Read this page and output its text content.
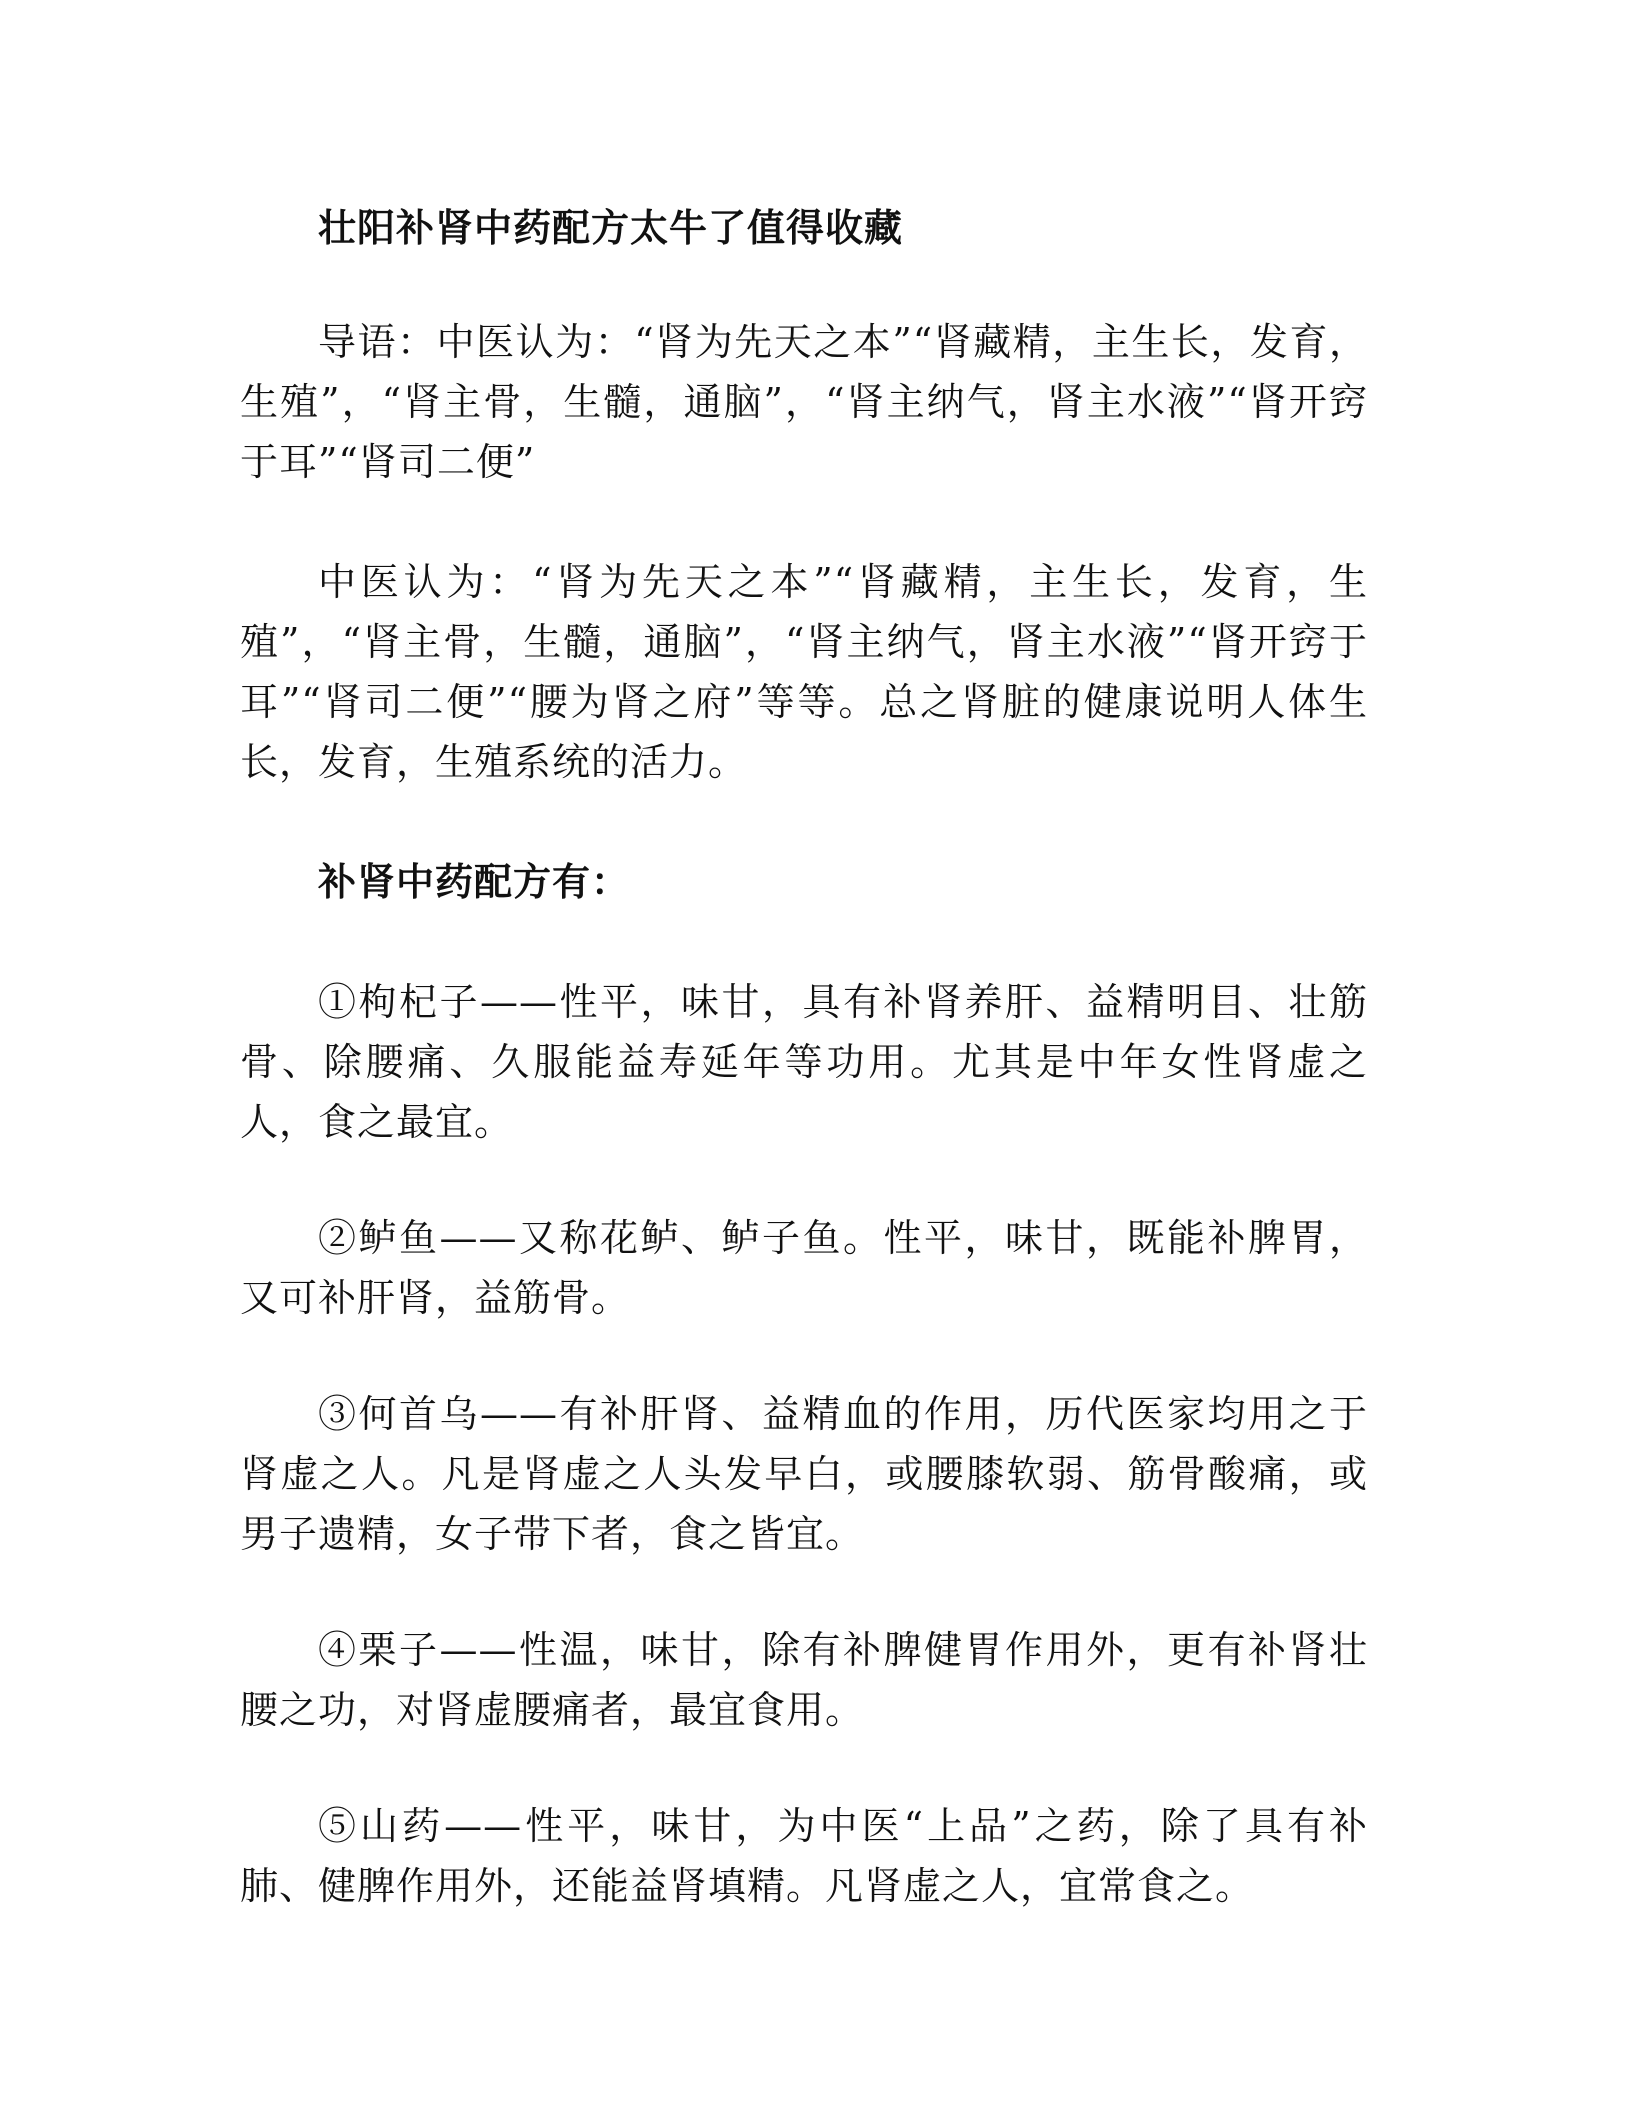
壮阳补肾中药配方太牛了值得收藏

导语：中医认为：“肾为先天之本”“肾藏精，主生长，发育，生殖”，“肾主骨，生髓，通脑”，“肾主纳气，肾主水液”“肾开窍于耳”“肾司二便”

中医认为：“肾为先天之本”“肾藏精，主生长，发育，生殖”，“肾主骨，生髓，通脑”，“肾主纳气，肾主水液”“肾开窍于耳”“肾司二便”“腰为肾之府”等等。总之肾脏的健康说明人体生长，发育，生殖系统的活力。

补肾中药配方有：

①枸杞子——性平，味甘，具有补肾养肝、益精明目、壮筋骨、除腰痛、久服能益寿延年等功用。尤其是中年女性肾虚之人，食之最宜。

②鲈鱼——又称花鲈、鲈子鱼。性平，味甘，既能补脾胃，又可补肝肾，益筋骨。

③何首乌——有补肝肾、益精血的作用，历代医家均用之于肾虚之人。凡是肾虚之人头发早白，或腰膝软弱、筋骨酸痛，或男子遗精，女子带下者，食之皆宜。

④栗子——性温，味甘，除有补脾健胃作用外，更有补肾壮腰之功，对肾虚腰痛者，最宜食用。

⑤山药——性平，味甘，为中医“上品”之药，除了具有补肺、健脾作用外，还能益肾填精。凡肾虚之人，宜常食之。
